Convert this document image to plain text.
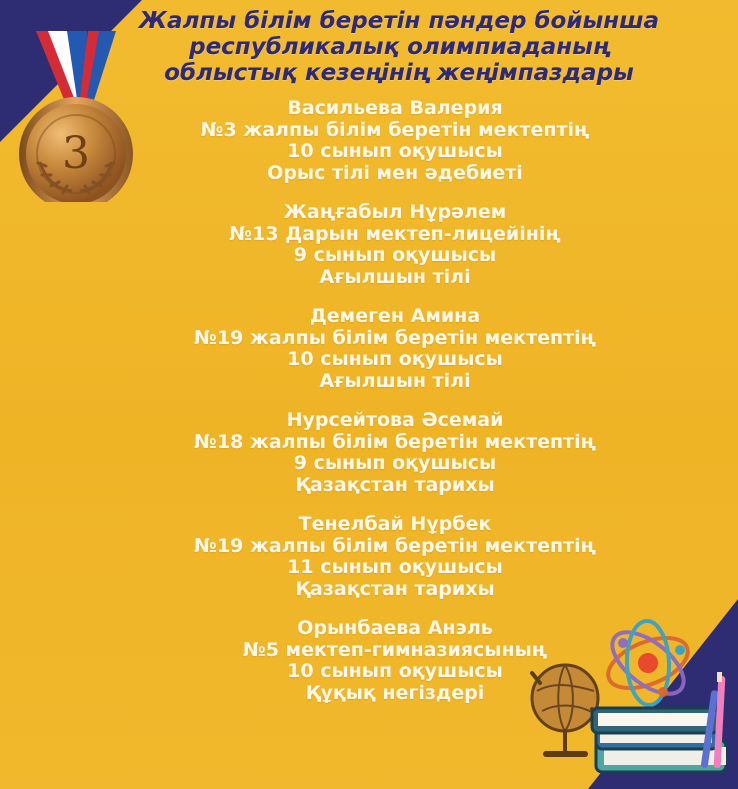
3
Жалпы білім беретін пәндер бойынша
республикалық олимпиаданың
облыстық кезеңінің жеңімпаздары
Васильева Валерия
№3 жалпы білім беретін мектептің
10 сынып оқушысы
Орыс тілі мен әдебиеті
Жаңғабыл Нұрәлем
№13 Дарын мектеп-лицейінің
9 сынып оқушысы
Ағылшын тілі
Демеген Амина
№19 жалпы білім беретін мектептің
10 сынып оқушысы
Ағылшын тілі
Нурсейтова Әсемай
№18 жалпы білім беретін мектептің
9 сынып оқушысы
Қазақстан тарихы
Тенелбай Нұрбек
№19 жалпы білім беретін мектептің
11 сынып оқушысы
Қазақстан тарихы
Орынбаева Анэль
№5 мектеп-гимназиясының
10 сынып оқушысы
Құқық негіздері
